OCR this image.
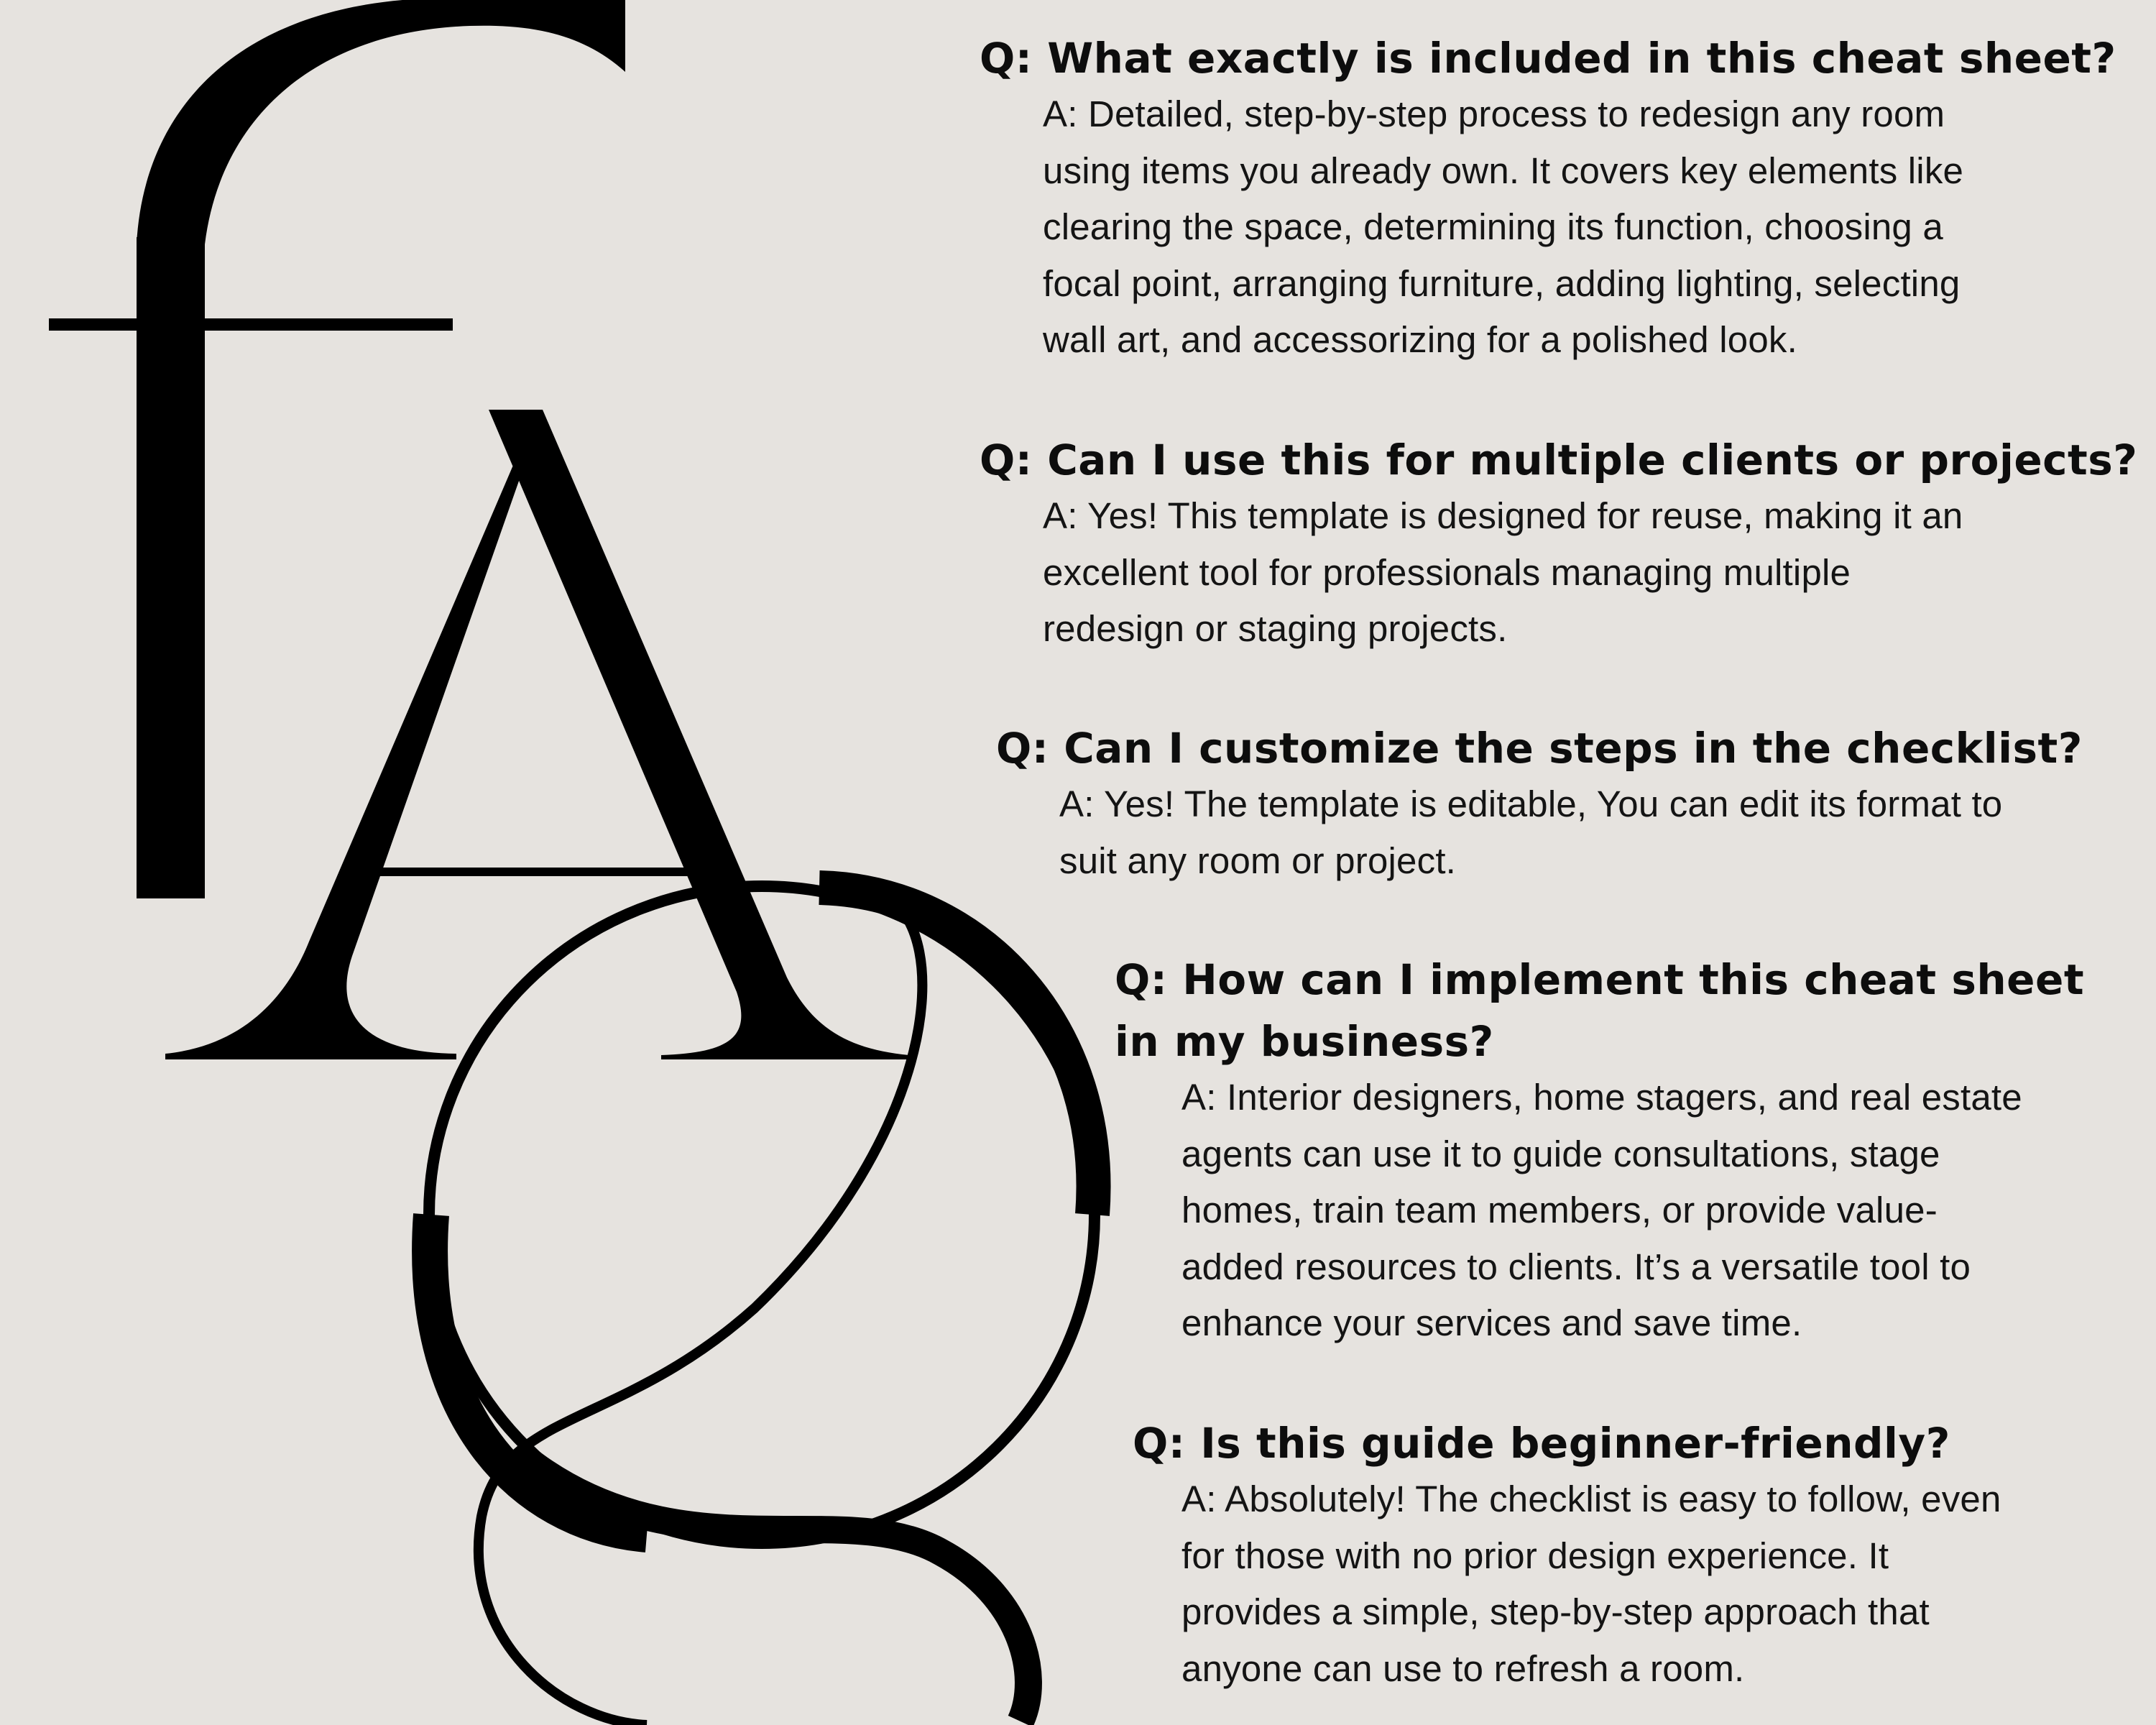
Q: What exactly is included in this cheat sheet?
A: Detailed, step-by-step process to redesign any room
using items you already own. It covers key elements like
clearing the space, determining its function, choosing a
focal point, arranging furniture, adding lighting, selecting
wall art, and accessorizing for a polished look.
Q: Can I use this for multiple clients or projects?
A: Yes! This template is designed for reuse, making it an
excellent tool for professionals managing multiple
redesign or staging projects.
Q: Can I customize the steps in the checklist?
A: Yes! The template is editable, You can edit its format to
suit any room or project.
Q: How can I implement this cheat sheet
in my business?
A: Interior designers, home stagers, and real estate
agents can use it to guide consultations, stage
homes, train team members, or provide value-
added resources to clients. It’s a versatile tool to
enhance your services and save time.
Q: Is this guide beginner-friendly?
A: Absolutely! The checklist is easy to follow, even
for those with no prior design experience. It
provides a simple, step-by-step approach that
anyone can use to refresh a room.
